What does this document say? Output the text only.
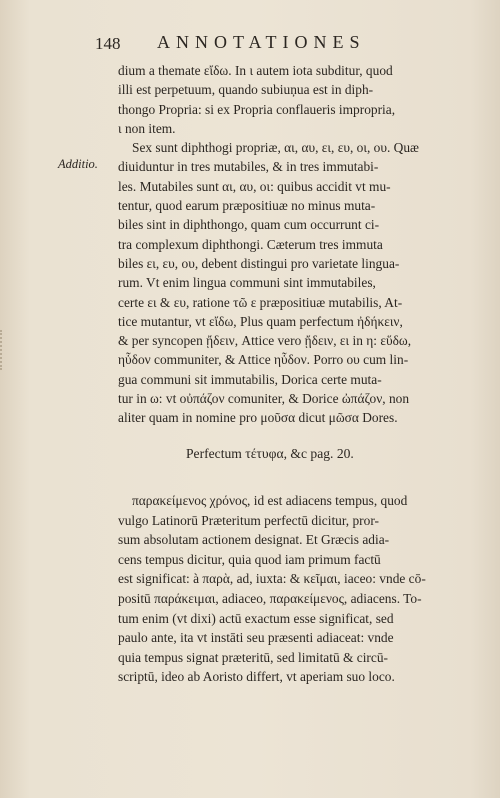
148 ANNOTATIONES
Additio.
dium a themate εἴδω. In ι autem iota subditur, quod
illi est perpetuum, quando subiuņua est in diph-
thongo Propria: si ex Propria conflaueris impropria,
ι non item.
Sex sunt diphthogi propriæ, αι, αυ, ει, ευ, οι, ου. Quæ
diuiduntur in tres mutabiles, & in tres immutabi-
les. Mutabiles sunt αι, αυ, οι: quibus accidit vt mu-
tentur, quod earum præpositiuæ no minus muta-
biles sint in diphthongo, quam cum occurrunt ci-
tra complexum diphthongi. Cæterum tres immuta
biles ει, ευ, ου, debent distingui pro varietate lingua-
rum. Vt enim lingua communi sint immutabiles,
certe ει & ευ, ratione τῶ ε præpositiuæ mutabilis, At-
tice mutantur, vt εἴδω, Plus quam perfectum ἠδήκειν,
& per syncopen ᾔδειν, Attice vero ᾔδειν, ει in η: εὕδω,
ηὗδον communiter, & Attice ηὗδον. Porro ου cum lin-
gua communi sit immutabilis, Dorica certe muta-
tur in ω: vt οὐπάζον comuniter, & Dorice ὠπάζον, non
aliter quam in nomine pro μοῦσα dicut μῶσα Dores.
Perfectum τέτυφα, &c pag. 20.
παρακείμενος χρόνος, id est adiacens tempus, quod
vulgo Latinorū Præteritum perfectū dicitur, pror-
sum absolutam actionem designat. Et Græcis adia-
cens tempus dicitur, quia quod iam primum factū
est significat: à παρὰ, ad, iuxta: & κεῖμαι, iaceo: vnde cō-
positū παράκειμαι, adiaceo, παρακείμενος, adiacens. To-
tum enim (vt dixi) actū exactum esse significat, sed
paulo ante, ita vt instāti seu præsenti adiaceat: vnde
quia tempus signat præteritū, sed limitatū & circū-
scriptū, ideo ab Aoristo differt, vt aperiam suo loco.
